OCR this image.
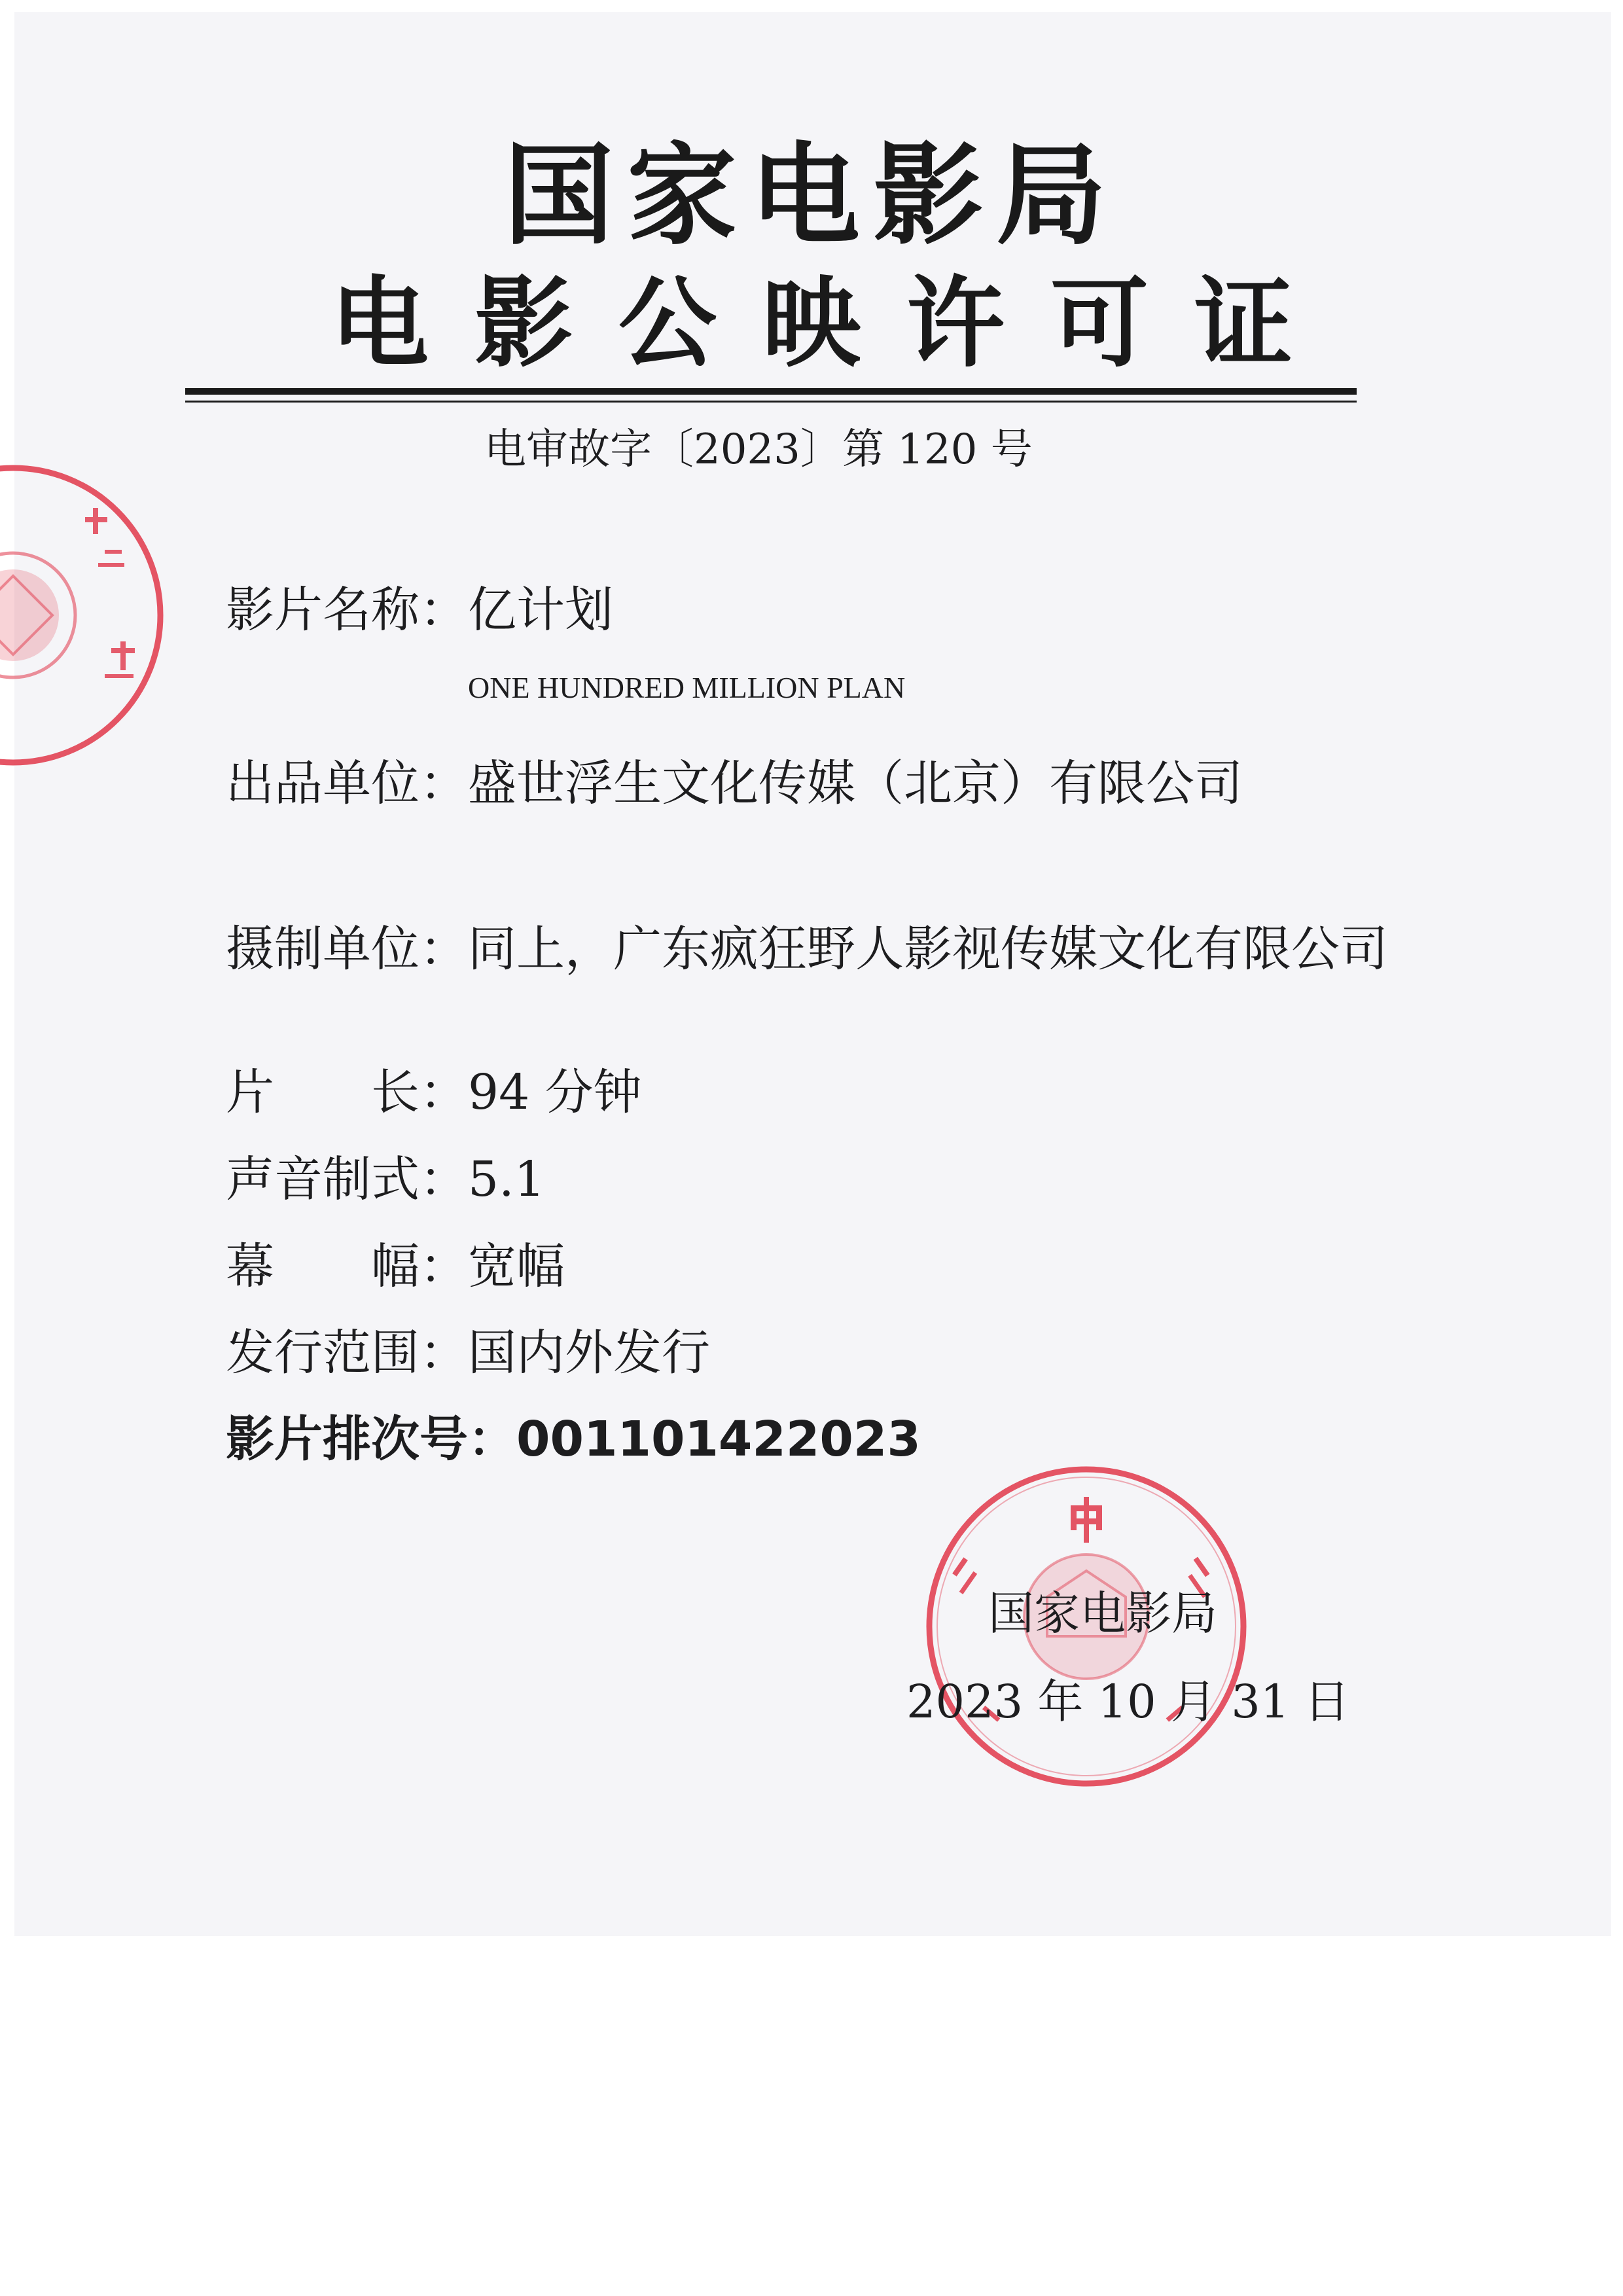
国家电影局
电影公映许可证
电审故字〔2023〕第 120 号
影片名称：亿计划
ONE HUNDRED MILLION PLAN
出品单位：盛世浮生文化传媒（北京）有限公司
摄制单位：同上，广东疯狂野人影视传媒文化有限公司
片 长：94 分钟
声音制式：5.1
幕 幅：宽幅
发行范围：国内外发行
影片排次号：001101422023
国家电影局
2023 年 10 月 31 日
